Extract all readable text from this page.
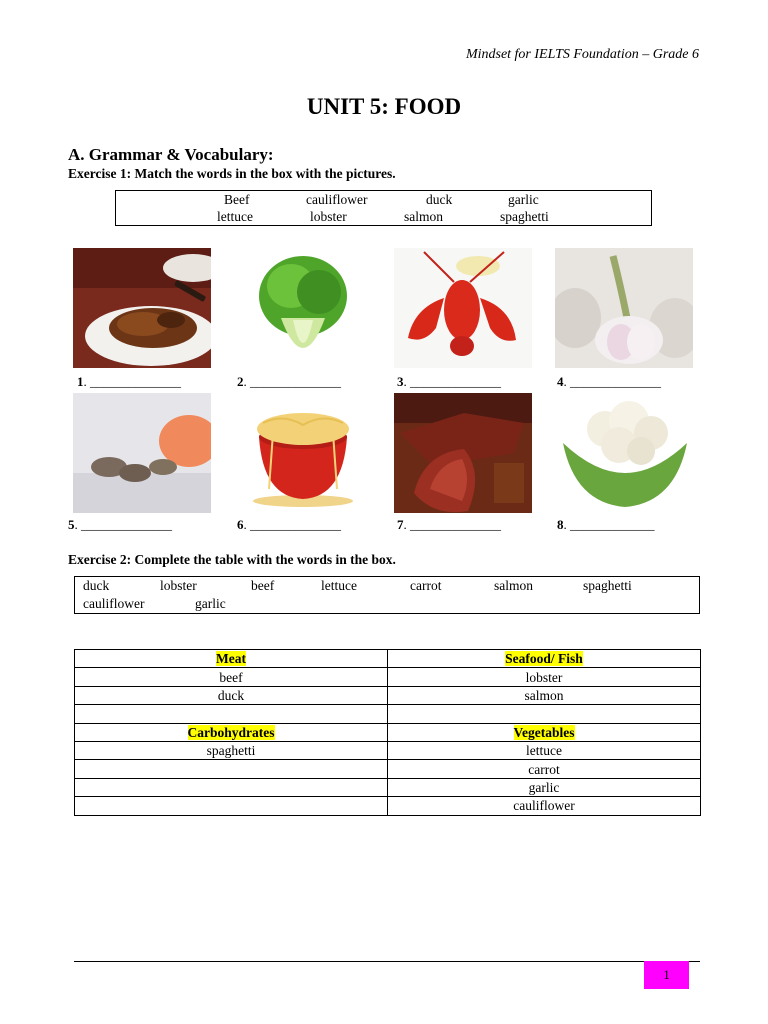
Mindset for IELTS Foundation – Grade 6
UNIT 5: FOOD
A. Grammar & Vocabulary:
Exercise 1: Match the words in the box with the pictures.
Beef	cauliflower	duck	garlic
lettuce	lobster	salmon	spaghetti
1. ______________	2. ______________	3. ______________	4. ______________
5. ______________	6. ______________	7. ______________	8. _____________
Exercise 2: Complete the table with the words in the box.
duck	lobster	beef	lettuce	carrot	salmon	spaghetti
cauliflower	garlic
Meat	Seafood/ Fish
beef	lobster
duck	salmon

Carbohydrates	Vegetables
spaghetti	lettuce
	carrot
	garlic
	cauliflower
1
